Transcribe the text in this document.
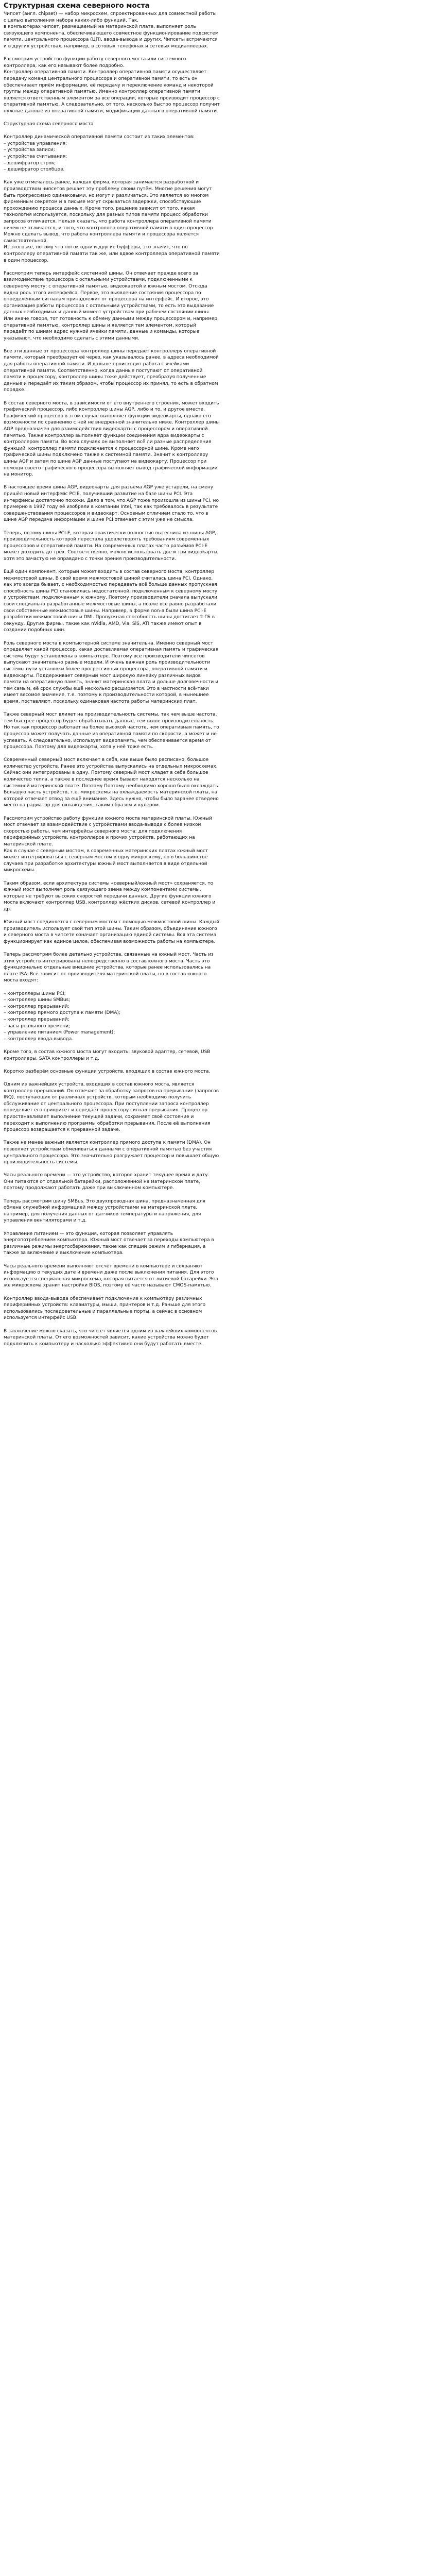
Структурная схема северного моста

Чипсет (англ. chipset) — набор микросхем, спроектированных для совместной работы с целью выполнения набора каких-либо функций. Так,
в компьютерах чипсет, размещаемый на материнской плате, выполняет роль связующего компонента, обеспечивающего совместное функционирование подсистем памяти, центрального процессора (ЦП), ввода-вывода и других. Чипсеты встречаются и в других устройствах, например, в сотовых телефонах и сетевых медиаплеерах.

Рассмотрим устройство функции работу северного моста или системного контроллера, как его называют более подробно.
Контроллер оперативной памяти. Контроллер оперативной памяти осуществляет передачу команд центрального процессора и оперативной памяти, то есть он обеспечивает приём информации, её передачу и переключение команд и некоторой группы между оперативной памятью. Именно контроллер оперативной памяти является ответственным элементом за все операции, которые производит процессор с оперативной памятью. А следовательно, от того, насколько быстро процессор получит нужные данные из оперативной памяти, модификации данных в оперативной памяти.

Структурная схема северного моста

Контроллер динамической оперативной памяти состоит из таких элементов:
– устройства управления;
– устройства записи;
– устройства считывания;
– дешифратор строк;
– дешифратор столбцов.

Как уже отмечалось ранее, каждая фирма, которая занимается разработкой и производством чипсетов решает эту проблему своим путём. Многие решения могут быть прогрессивно одинаковыми, но могут и различаться. Это является во многом фирменным секретом и в письме могут скрываться задержки, способствующие прохождению процесса данных. Кроме того, решение зависит от того, какая технология используется, поскольку для разных типов памяти процесс обработки запросов отличается. Нельзя сказать, что работа контроллера оперативной памяти ничем не отличается, и того, что контроллер оперативной памяти в один процессор. Можно сделать вывод, что работа контроллера памяти и процессора является самостоятельной.
Из этого же, потому что поток одни и другие буфферы, это значит, что по контроллеру оперативной памяти так же, или вдвое контроллера оперативной памяти в один процессор.

Рассмотрим теперь интерфейс системной шины. Он отвечает прежде всего за взаимодействие процессора с остальными устройствами, подключенными к северному мосту: с оперативной памятью, видеокартой и южным мостом. Отсюда видна роль этого интерфейса. Первое, это выявление состояния процессора по определённым сигналам принадлежит от процессора на интерфейс. И второе, это организация работы процессора с остальными устройствами, то есть это выдавание данных необходимых и данный момент устройствам при рабочем состоянии шины. Или иначе говоря, тот готовность к обмену данными между процессором и, например, оперативной памятью, контроллер шины и является тем элементом, который передаёт по шинам адрес нужной ячейки памяти, данные и команды, которые указывают, что необходимо сделать с этими данными.

Все эти данные от процессора контроллер шины передаёт контроллеру оперативной памяти, который преобразует её через, как указывалось ранее, в адреса необходимой для работы оперативной памяти. И дальше происходит работа с ячейками оперативной памяти. Соответственно, когда данные поступают от оперативной памяти к процессору, контроллер шины тоже действует, преобразуя полученные данные и передаёт их таким образом, чтобы процессор их принял, то есть в обратном порядке.

В состав северного моста, в зависимости от его внутреннего строения, может входить графический процессор, либо контроллер шины AGP, либо и то, и другое вместе. Графический процессор в этом случае выполняет функции видеокарты, однако его возможности по сравнению с ней не внедренной значительно ниже. Контроллер шины AGP предназначен для взаимодействия видеокарты с процессором и оперативной памятью. Также контроллер выполняет функции соединения ядра видеокарты с контроллером памяти. Во всех случаях он выполняет всё ли разные распределения функций, контроллер памяти подключается к процессорной шине. Кроме него графической шины подключено также к системной памяти. Значит к контроллеру шины AGP и затем по шине AGP данные поступают на видеокарту. Процессор при помощи своего графического процессора выполняет вывод графической информации на монитор.

В настоящее время шина AGP, видеокарты для разъёма AGP уже устарели, на смену пришёл новый интерфейс PCIE, получивший развитие на базе шины PCI. Эта интерфейсы достаточно похожи. Дело в том, что AGP тоже произошла из шины PCI, но примерно в 1997 году её изобрели в компании Intel, так как требовалось в результате совершенствования процессоров и видеокарт. Основным отличием стало то, что в шине AGP передача информации и шине PCI отвечает с этим уже не смысла.

Теперь, потому шины PCI-E, которая практически полностью вытеснила из шины AGP, производительность которой перестала удовлетворять требованиям современных процессоров и оперативной памяти. На современных платах часто разъёмов PCI-E может доходить до трёх. Соответственно, можно использовать две и три видеокарты, хотя это зачастую не оправдано с точки зрения производительности.

Ещё один компонент, который может входить в состав северного моста, контроллер межмостовой шины. В свой время межмостовой шиной считалась шина PCI. Однако, как это всегда бывает, с необходимостью передавать всё больше данных пропускная способность шины PCI становилась недостаточной, подключенным к северному мосту и устройствам, подключенным к южному. Поэтому производители сначала выпускали свои специально разработанные межмостовые шины, а позже всё равно разработали свои собственные межмостовые шины. Например, в форме non-a были шина PCI-E разработки межмостовой шины DMI. Пропускная способность шины достигает 2 ГБ в секунду. Другие фирмы, такие как nVidia, AMD, Via, SiS, ATI также имеют опыт в создании подобных шин.

Роль северного моста в компьютерной системе значительна. Именно северный мост определяет какой процессор, какая доставляемая оперативная память и графическая система будут установлены в компьютере. Поэтому все производители чипсетов выпускают значительно разные модели. И очень важная роль производительности системы пути установки более прогрессивных процессора, оперативной памяти и видеокарты. Поддерживает северный мост широкую линейку различных видов памяти на оперативную память, значит материнская плата и дольше долговечности и тем самым, её срок службы ещё несколько расширяется. Это в частности всё-таки имеет весомое значение, т.е. поэтому к производительности которой, в нынешнее время, поставляют, поскольку одинаковая частота работы материнских плат.

Также северный мост влияет на производительность системы, так чем выше частота, тем быстрее процессор будет обрабатывать данные, тем выше производительность. Но так как процессор работает на более высокой частоте, чем оперативная память, то процессор может получать данные из оперативной памяти по скорости, а может и не успевать. А следовательно, использует видеопамять, чем обеспечивается время от процессора. Поэтому для видеокарты, хотя у неё тоже есть.

Современный северный мост включает в себя, как выше было расписано, большое количество устройств. Ранее это устройства выпускались на отдельных микросхемах. Сейчас они интегрированы в одну. Поэтому северный мост кладет в себе большое количество тепла, а также в последнее время бывают находятся несколько на системной материнской плате. Поэтому Поэтому необходимо хорошо было охлаждать. Большую часть устройств, т.е. микросхемы на охлаждаемость материнской платы, на которой отвечает отвод за ещё внимание. Здесь нужно, чтобы было заранее отведено место на радиатор для охлаждения, таким образом и кулером.

Рассмотрим устройство работу функции южного моста материнской платы. Южный мост отвечает за взаимодействие с устройствами ввода-вывода с более низкой скоростью работы, чем интерфейсы северного моста: для подключения периферийных устройств, контроллеров и прочих устройств, работающих на материнской плате.
Как в случае с северным мостом, в современных материнских платах южный мост может интегрироваться с северным мостом в одну микросхему, но в большинстве случаев при разработке архитектуры южный мост выполняется в виде отдельной микросхемы.

Таким образом, если архитектура системы «северный/южный мост» сохраняется, то южный мост выполняет роль связующего звена между компонентами системы, которые не требуют высоких скоростей передачи данных. Другие функции южного моста включают контроллер USB, контроллер жёстких дисков, сетевой контроллер и др.

Южный мост соединяется с северным мостом с помощью межмостовой шины. Каждый производитель использует свой тип этой шины. Таким образом, объединение южного и северного моста в чипсете означает организацию единой системы. Вся эта система функционирует как единое целое, обеспечивая возможность работы на компьютере.

Теперь рассмотрим более детально устройства, связанные на южный мост. Часть из этих устройств интегрированы непосредственно в состав южного моста. Часть это функционально отдельные внешние устройства, которые ранее использовались на плате ISA. Всё зависит от производителя материнской платы, но в состав южного моста входят:

– контроллеры шины PCI;
– контроллер шины SMBus;
– контроллер прерываний;
– контроллер прямого доступа к памяти (DMA);
– контроллер прерываний;
– часы реального времени;
– управление питанием (Power management);
– контроллер ввода-вывода.

Кроме того, в состав южного моста могут входить: звуковой адаптер, сетевой, USB контроллеры, SATA контроллеры и т.д.

Коротко разберём основные функции устройств, входящих в состав южного моста.

Одним из важнейших устройств, входящих в состав южного моста, является контроллер прерываний. Он отвечает за обработку запросов на прерывание (запросов IRQ), поступающих от различных устройств, которым необходимо получить обслуживание от центрального процессора. При поступлении запроса контроллер определяет его приоритет и передаёт процессору сигнал прерывания. Процессор приостанавливает выполнение текущей задачи, сохраняет своё состояние и переходит к выполнению программы обработки прерывания. После её выполнения процессор возвращается к прерванной задаче.

Также не менее важным является контроллер прямого доступа к памяти (DMA). Он позволяет устройствам обмениваться данными с оперативной памятью без участия центрального процессора. Это значительно разгружает процессор и повышает общую производительность системы.

Часы реального времени — это устройство, которое хранит текущее время и дату. Они питаются от отдельной батарейки, расположенной на материнской плате, поэтому продолжают работать даже при выключенном компьютере.

Теперь рассмотрим шину SMBus. Это двухпроводная шина, предназначенная для обмена служебной информацией между устройствами на материнской плате, например, для получения данных от датчиков температуры и напряжения, для управления вентиляторами и т.д.

Управление питанием — это функция, которая позволяет управлять энергопотреблением компьютера. Южный мост отвечает за переходы компьютера в различные режимы энергосбережения, такие как спящий режим и гибернация, а также за включение и выключение компьютера.

Часы реального времени выполняют отсчёт времени в компьютере и сохраняют информацию о текущих дате и времени даже после выключения питания. Для этого используется специальная микросхема, которая питается от литиевой батарейки. Эта же микросхема хранит настройки BIOS, поэтому её часто называют CMOS-памятью.

Контроллер ввода-вывода обеспечивает подключение к компьютеру различных периферийных устройств: клавиатуры, мыши, принтеров и т.д. Раньше для этого использовались последовательные и параллельные порты, а сейчас в основном используется интерфейс USB.

В заключение можно сказать, что чипсет является одним из важнейших компонентов материнской платы. От его возможностей зависит, какие устройства можно будет подключить к компьютеру и насколько эффективно они будут работать вместе.
